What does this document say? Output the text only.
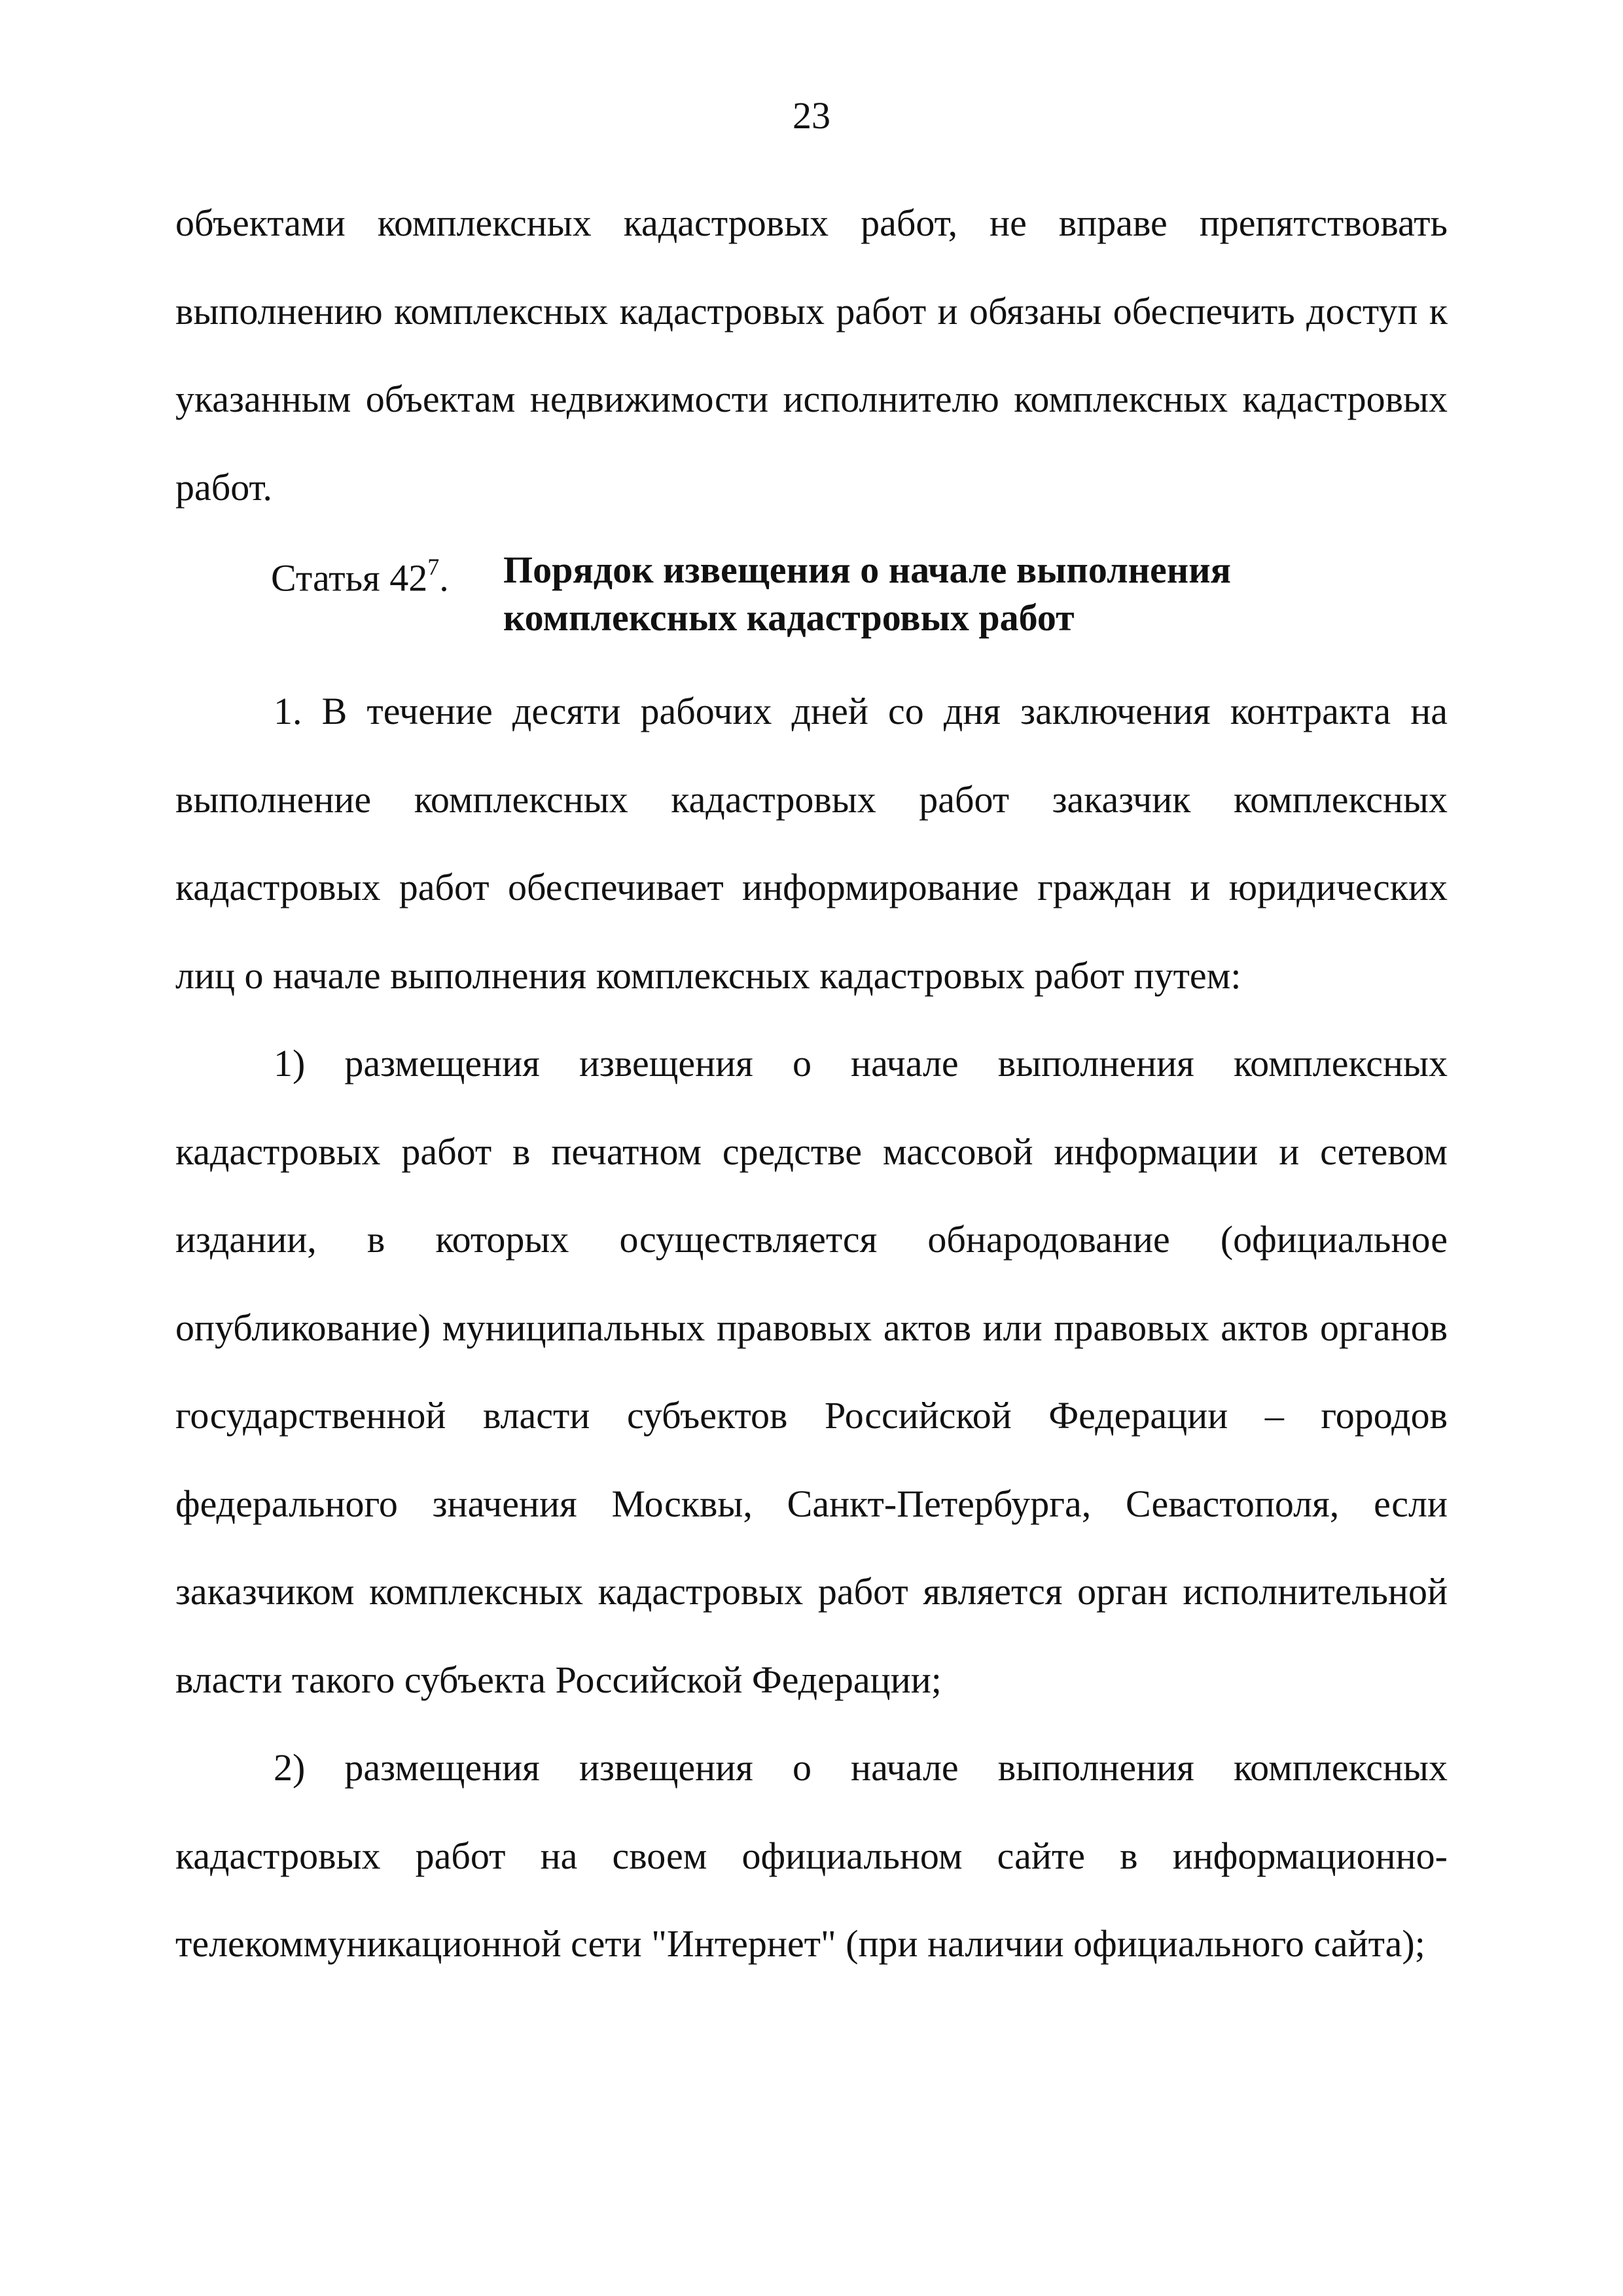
23

объектами комплексных кадастровых работ, не вправе препятствовать выполнению комплексных кадастровых работ и обязаны обеспечить доступ к указанным объектам недвижимости исполнителю комплексных кадастровых работ.

Статья $42^7$.	Порядок извещения о начале выполнения
комплексных кадастровых работ

1. В течение десяти рабочих дней со дня заключения контракта на выполнение комплексных кадастровых работ заказчик комплексных кадастровых работ обеспечивает информирование граждан и юридических лиц о начале выполнения комплексных кадастровых работ путем:

1) размещения извещения о начале выполнения комплексных кадастровых работ в печатном средстве массовой информации и сетевом издании, в которых осуществляется обнародование (официальное опубликование) муниципальных правовых актов или правовых актов органов государственной власти субъектов Российской Федерации – городов федерального значения Москвы, Санкт-Петербурга, Севастополя, если заказчиком комплексных кадастровых работ является орган исполнительной власти такого субъекта Российской Федерации;

2) размещения извещения о начале выполнения комплексных кадастровых работ на своем официальном сайте в информационно-телекоммуникационной сети "Интернет" (при наличии официального сайта);
